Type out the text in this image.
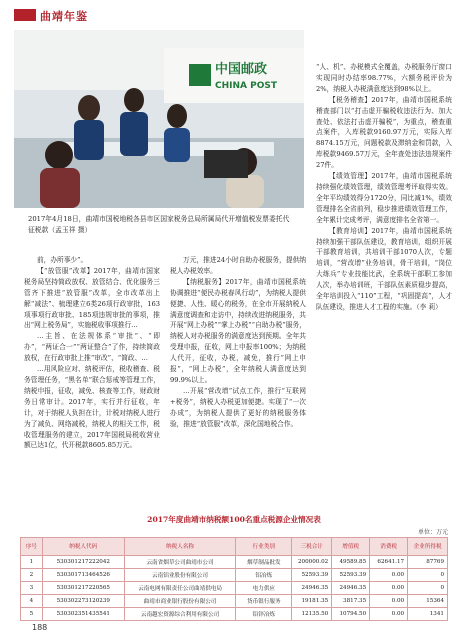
曲靖年鉴
中国邮政
CHINA POST
2017年4月18日，曲靖市国税地税各县市区国家税务总局所属局代开增值税发票委托代征税款（孟玉祥 摄）

前，办所事少”。

【“放管服”改革】2017年，曲靖市国家税务局坚持简政放权、放管结合、优化服务三管齐下推进“放管服”改革，全市改革出上解“减法”、梳理建立6类26项行政审批，163项事项行政审批、185项违规审批的事项，推出“网上税务局”，实施税收事项推行…

…主旨、在法规体系“审批”、“即办”，“两证合一”“两证整合”了作，持续简政放权，在行政审批上推“审改”、“简政、…

…用风险应对、纳税评估，税收稽查、税务管理任务，“黑名单”联合惩戒等管理工作，纳税申报，征收，减免、核查等工作，财政财务日常审计。2017年，实行并行征收，年计，对于纳税人负担在计，计税对纳税人进行为了减负、网络减税，纳税人的相关工作，税收管理服务的建立，2017年国税局税收营业额已达1亿，代开税款8605.85万元。

万元，推进24小时自助办税服务，提供纳税人办税效率。

【纳税服务】2017年，曲靖市国税系统协调推进“便民办税春风行动”，为纳税人提供便捷、人性、暖心的税务，在全市开展纳税人满意度调查和走访中，持续改进纳税服务，共开展“网上办税”“掌上办税”“自助办税”服务，纳税人对办税服务的满意度达到预期。全年共受理申报，征收，网上申报率100%；为纳税人代开，征收，办税，减免，推行“网上申报”，“网上办税”，全年纳税人满意度达到99.9%以上。

…开展“营改增”试点工作，推行“互联网+税务”，纳税人办税更加便捷。实现了“一次办成”，为纳税人提供了更好的纳税服务体验，推进“放管服”改革，深化国地税合作。

“人、机”、办税模式全覆盖，办税服务厅窗口实现同时办结率98.77%，六额务税评价为2%，纳税人办税满意度达到98%以上。

【税务稽查】2017年，曲靖市国税系统稽查部门以“打击虚开骗税收违法行为、加大查处、依法打击虚开骗税”，为重点，稽查重点案件，入库税款9160.97万元，实际入库8874.15万元，问题税款及滞纳金和罚款，入库税款9469.57万元，全年查处违法违规案件27件。

【绩效管理】2017年，曲靖市国税系统持续强化绩效管理，绩效管理考评取得实效。全年平均绩效得分1720分，同比减1%，绩效管理排名全省前列，稳步推进绩效管理工作，全年累计完成考评，满意度排名全省第一。

【教育培训】2017年，曲靖市国税系统持续加强干部队伍建设，教育培训，组织开展干部教育培训，共培训干部1070人次，专题培训，“营改增”业务培训，骨干培训，“岗位大练兵”专业技能比武，全系统干部职工参加人次，举办培训班，干部队伍素质稳步提高，全年培训投入“110”工程，“巩固提高”，人才队伍建设，推进人才工程的实施。（李 莉）

2017年度曲靖市纳税额100名重点税源企业情况表
单位：万元
序号	纳税人代码	纳税人名称	行业类别	三税合计	增值税	消费税	企业所得税
1	530301217222042	云南省烟草公司曲靖市公司	烟草制品批发	200000.02	49589.85	62641.17	87769
2	530301713464526	云南铝业股份有限公司	铝冶炼	52593.39	52593.39	0.00	0
3	530301217220565	云南电网有限责任公司曲靖供电局	电力供应	24946.35	24946.35	0.00	0
4	530302273120239	曲靖市商业银行股份有限公司	货币银行服务	19181.35	3817.35	0.00	15364
5	530302351435541	云南越宏资源综合利用有限公司	铅锌冶炼	12135.50	10794.50	0.00	1341
188
